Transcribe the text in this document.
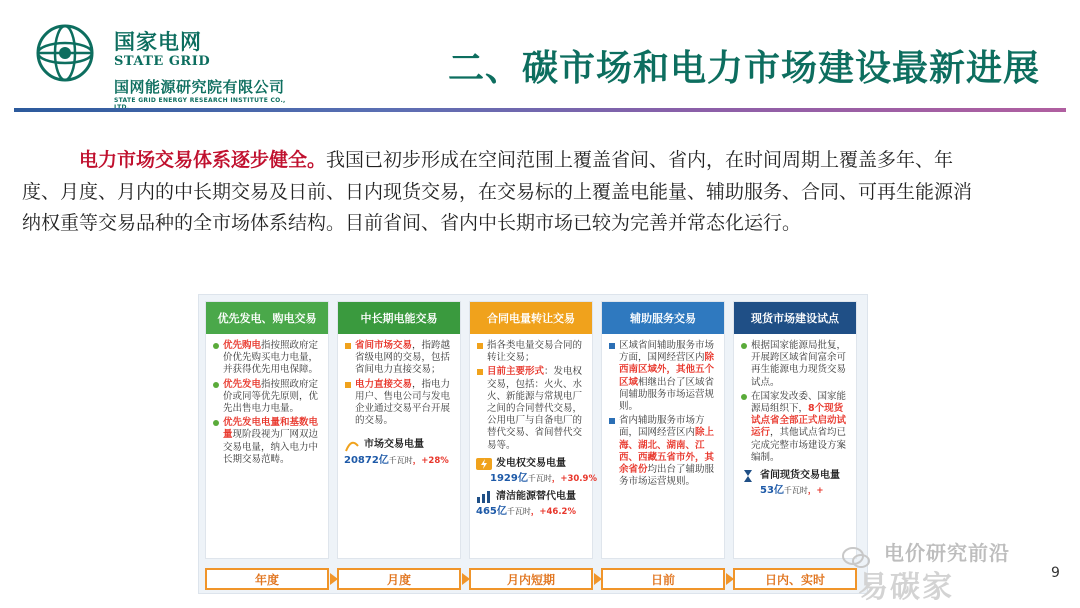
国家电网
STATE GRID
国网能源研究院有限公司
STATE GRID ENERGY RESEARCH INSTITUTE CO.,
二、碳市场和电力市场建设最新进展

电力市场交易体系逐步健全。我国已初步形成在空间范围上覆盖省间、省内，在时间周期上覆盖多年、年度、月度、月内的中长期交易及日前、日内现货交易，在交易标的上覆盖电能量、辅助服务、合同、可再生能源消纳权重等交易品种的全市场体系结构。目前省间、省内中长期市场已较为完善并常态化运行。

优先发电、购电交易
优先购电指按照政府定价优先购买电力电量，并获得优先用电保障。
优先发电指按照政府定价或同等优先原则，优先出售电力电量。
优先发电电量和基数电量现阶段视为厂网双边交易电量，纳入电力中长期交易范畴。
中长期电能交易
省间市场交易，指跨越省级电网的交易，包括省间电力直接交易；
电力直接交易，指电力用户、售电公司与发电企业通过交易平台开展的交易。
市场交易电量
20872亿千瓦时，+28%
合同电量转让交易
指各类电量交易合同的转让交易；
目前主要形式：发电权交易，包括：火火、水火、新能源与常规电厂之间的合同替代交易，公用电厂与自备电厂的替代交易、省间替代交易等。
发电权交易电量
1929亿千瓦时，+30.9%
清洁能源替代电量
465亿千瓦时，+46.2%
辅助服务交易
区域省间辅助服务市场方面，国网经营区内除西南区域外，其他五个区域相继出台了区域省间辅助服务市场运营规则。
省内辅助服务市场方面，国网经营区内除上海、湖北、湖南、江西、西藏五省市外，其余省份均出台了辅助服务市场运营规则。
现货市场建设试点
根据国家能源局批复，开展跨区域省间富余可再生能源电力现货交易试点。
在国家发改委、国家能源局组织下，8个现货试点省全部正式启动试运行，其他试点省均已完成完整市场建设方案编制。
省间现货交易电量
53亿千瓦时，+
年度	月度	月内短期	日前	日内、实时
电价研究前沿
易碳家	9
